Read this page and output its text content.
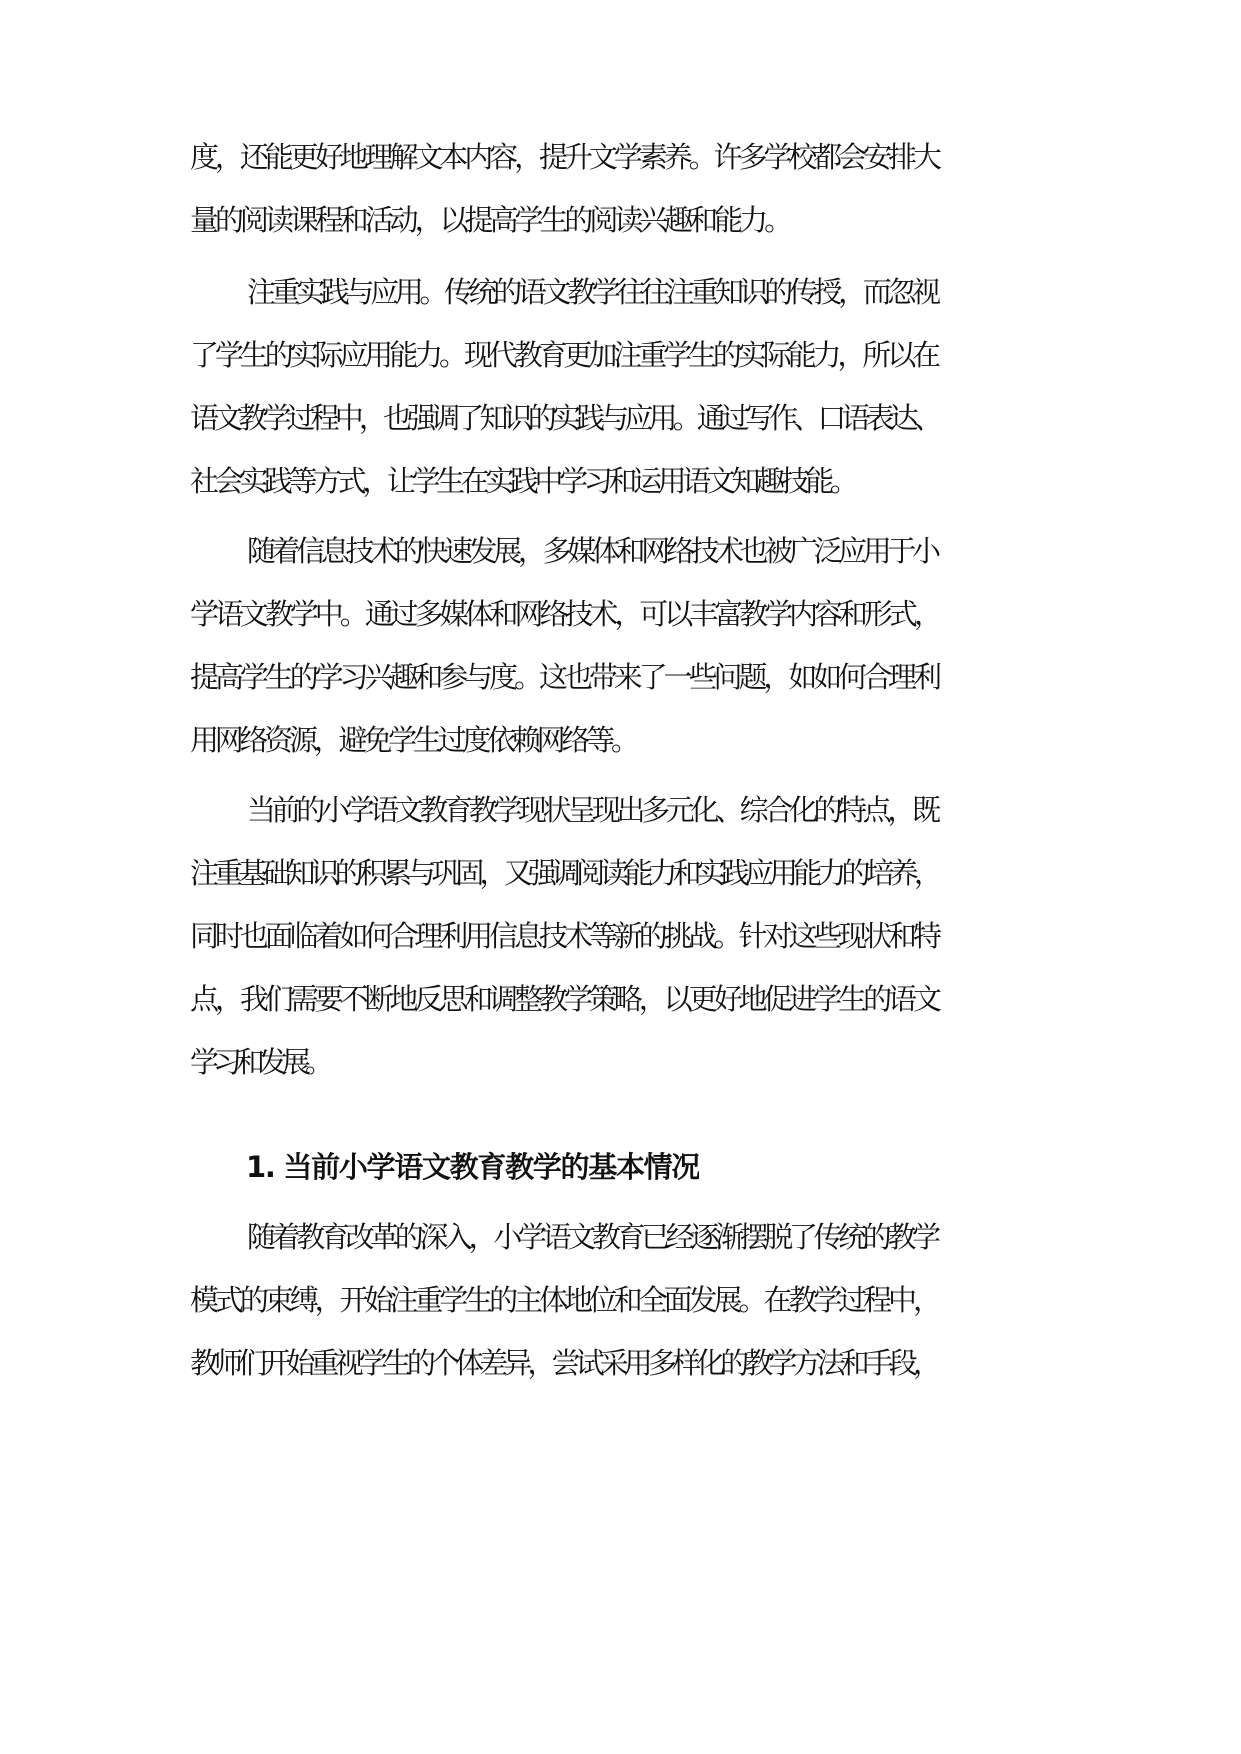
度，还能更好地理解文本内容，提升文学素养。许多学校都会安排大
量的阅读课程和活动，以提高学生的阅读兴趣和能力。
注重实践与应用。传统的语文教学往往注重知识的传授，而忽视
了学生的实际应用能力。现代教育更加注重学生的实际能力，所以在
语文教学过程中，也强调了知识的实践与应用。通过写作、口语表达、
社会实践等方式，让学生在实践中学习和运用语文知趣技能。
随着信息技术的快速发展，多媒体和网络技术也被广泛应用于小
学语文教学中。通过多媒体和网络技术，可以丰富教学内容和形式，
提高学生的学习兴趣和参与度。这也带来了一些问题，如如何合理利
用网络资源，避免学生过度依赖网络等。
当前的小学语文教育教学现状呈现出多元化、综合化的特点，既
注重基础知识的积累与巩固，又强调阅读能力和实践应用能力的培养，
同时也面临着如何合理利用信息技术等新的挑战。针对这些现状和特
点，我们需要不断地反思和调整教学策略，以更好地促进学生的语文
学习和发展。
1. 当前小学语文教育教学的基本情况
随着教育改革的深入，小学语文教育已经逐渐摆脱了传统的教学
模式的束缚，开始注重学生的主体地位和全面发展。在教学过程中，
教师们开始重视学生的个体差异，尝试采用多样化的教学方法和手段，
